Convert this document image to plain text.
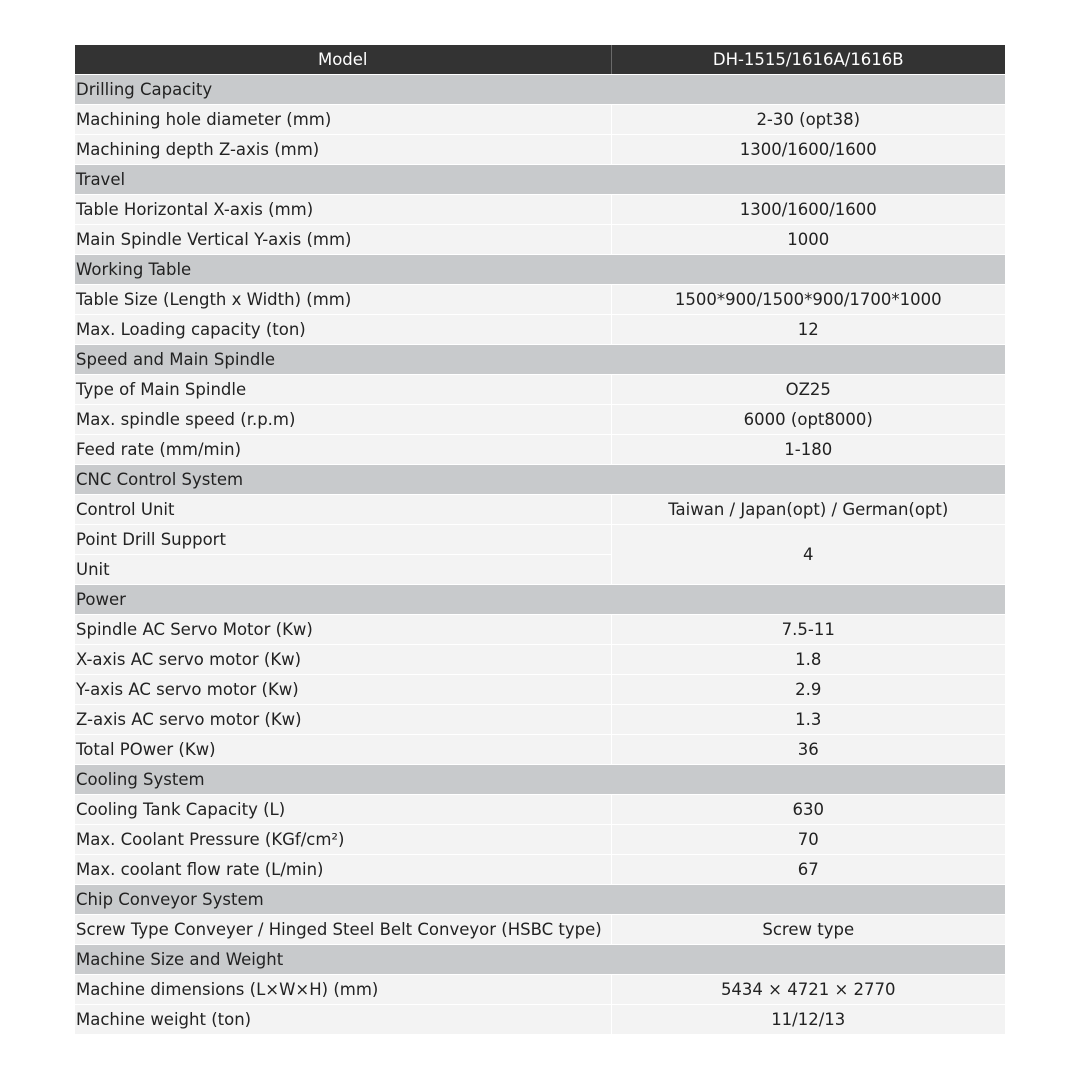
Model	DH-1515/1616A/1616B
Drilling Capacity	
Machining hole diameter (mm)	2-30 (opt38)
Machining depth Z-axis (mm)	1300/1600/1600
Travel	
Table Horizontal X-axis (mm)	1300/1600/1600
Main Spindle Vertical Y-axis (mm)	1000
Working Table	
Table Size (Length x Width) (mm)	1500*900/1500*900/1700*1000
Max. Loading capacity (ton)	12
Speed and Main Spindle	
Type of Main Spindle	OZ25
Max. spindle speed (r.p.m)	6000 (opt8000)
Feed rate (mm/min)	1-180
CNC Control System	
Control Unit	Taiwan / Japan(opt) / German(opt)
Point Drill Support	4
Unit	
Power	
Spindle AC Servo Motor (Kw)	7.5-11
X-axis AC servo motor (Kw)	1.8
Y-axis AC servo motor (Kw)	2.9
Z-axis AC servo motor (Kw)	1.3
Total POwer (Kw)	36
Cooling System	
Cooling Tank Capacity (L)	630
Max. Coolant Pressure (KGf/cm²)	70
Max. coolant flow rate (L/min)	67
Chip Conveyor System	
Screw Type Conveyer / Hinged Steel Belt Conveyor (HSBC type)	Screw type
Machine Size and Weight	
Machine dimensions (L×W×H) (mm)	5434 × 4721 × 2770
Machine weight (ton)	11/12/13
